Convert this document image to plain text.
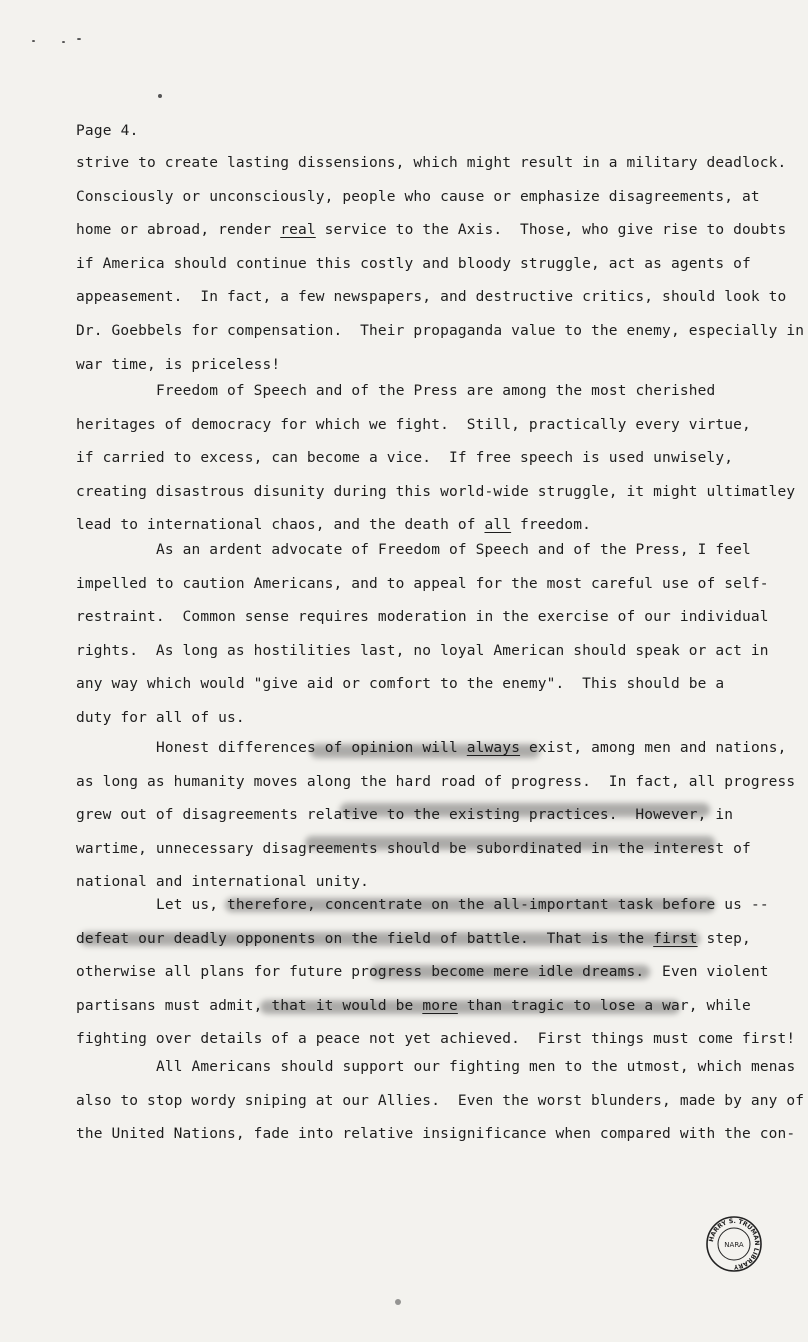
Page 4.
strive to create lasting dissensions, which might result in a military deadlock.
Consciously or unconsciously, people who cause or emphasize disagreements, at
home or abroad, render real service to the Axis.  Those, who give rise to doubts
if America should continue this costly and bloody struggle, act as agents of
appeasement.  In fact, a few newspapers, and destructive critics, should look to
Dr. Goebbels for compensation.  Their propaganda value to the enemy, especially in
war time, is priceless!
Freedom of Speech and of the Press are among the most cherished
heritages of democracy for which we fight.  Still, practically every virtue,
if carried to excess, can become a vice.  If free speech is used unwisely,
creating disastrous disunity during this world-wide struggle, it might ultimatley
lead to international chaos, and the death of all freedom.
As an ardent advocate of Freedom of Speech and of the Press, I feel
impelled to caution Americans, and to appeal for the most careful use of self-
restraint.  Common sense requires moderation in the exercise of our individual
rights.  As long as hostilities last, no loyal American should speak or act in
any way which would "give aid or comfort to the enemy".  This should be a
duty for all of us.
Honest differences of opinion will always exist, among men and nations,
as long as humanity moves along the hard road of progress.  In fact, all progress
grew out of disagreements relative to the existing practices.  However, in
wartime, unnecessary disagreements should be subordinated in the interest of
national and international unity.
Let us, therefore, concentrate on the all-important task before us --
defeat our deadly opponents on the field of battle.  That is the first step,
otherwise all plans for future progress become mere idle dreams.  Even violent
partisans must admit, that it would be more than tragic to lose a war, while
fighting over details of a peace not yet achieved.  First things must come first!
All Americans should support our fighting men to the utmost, which menas
also to stop wordy sniping at our Allies.  Even the worst blunders, made by any of
the United Nations, fade into relative insignificance when compared with the con-
HARRY S. TRUMAN LIBRARY
NARA
